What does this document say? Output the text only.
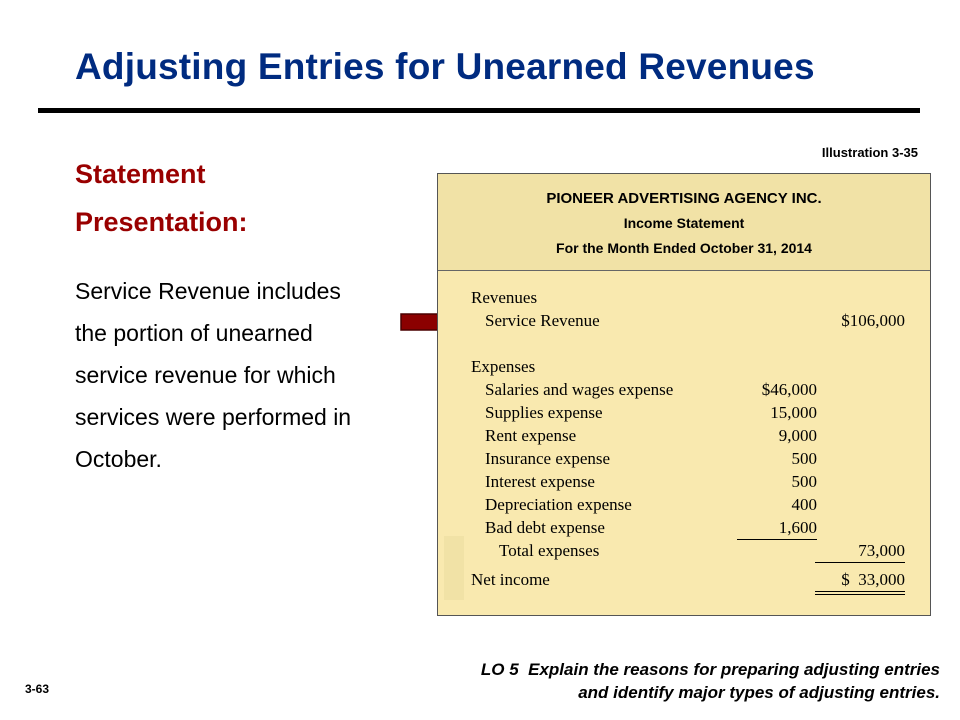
Adjusting Entries for Unearned Revenues
Statement Presentation:
Service Revenue includes the portion of unearned service revenue for which services were performed in October.
Illustration 3-35
PIONEER ADVERTISING AGENCY INC.
Income Statement
For the Month Ended October 31, 2014
Revenues
Service Revenue	$106,000
Expenses
Salaries and wages expense	$46,000
Supplies expense	15,000
Rent expense	9,000
Insurance expense	500
Interest expense	500
Depreciation expense	400
Bad debt expense	1,600
Total expenses	73,000
Net income	$  33,000
LO 5  Explain the reasons for preparing adjusting entries
and identify major types of adjusting entries.
3-63
